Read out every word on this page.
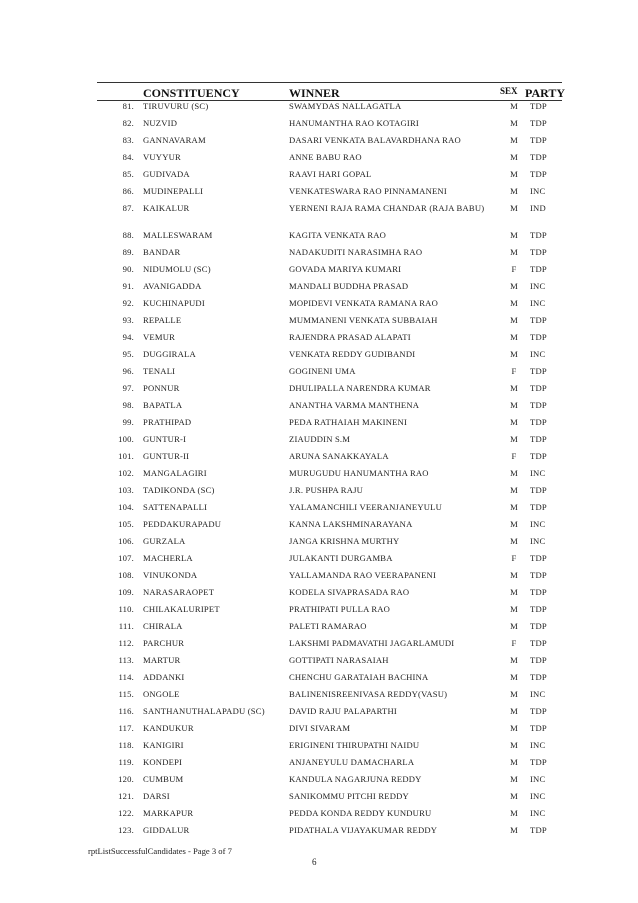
CONSTITUENCY	WINNER	SEX PARTY
81. TIRUVURU (SC)	SWAMYDAS NALLAGATLA	M	TDP
82. NUZVID	HANUMANTHA RAO KOTAGIRI	M	TDP
83. GANNAVARAM	DASARI VENKATA BALAVARDHANA RAO	M	TDP
84. VUYYUR	ANNE BABU RAO	M	TDP
85. GUDIVADA	RAAVI HARI GOPAL	M	TDP
86. MUDINEPALLI	VENKATESWARA RAO PINNAMANENI	M	INC
87. KAIKALUR	YERNENI RAJA RAMA CHANDAR (RAJA BABU)	M	IND
88. MALLESWARAM	KAGITA VENKATA RAO	M	TDP
89. BANDAR	NADAKUDITI NARASIMHA RAO	M	TDP
90. NIDUMOLU (SC)	GOVADA MARIYA KUMARI	F	TDP
91. AVANIGADDA	MANDALI BUDDHA PRASAD	M	INC
92. KUCHINAPUDI	MOPIDEVI VENKATA RAMANA RAO	M	INC
93. REPALLE	MUMMANENI VENKATA SUBBAIAH	M	TDP
94. VEMUR	RAJENDRA PRASAD ALAPATI	M	TDP
95. DUGGIRALA	VENKATA REDDY GUDIBANDI	M	INC
96. TENALI	GOGINENI UMA	F	TDP
97. PONNUR	DHULIPALLA NARENDRA KUMAR	M	TDP
98. BAPATLA	ANANTHA VARMA MANTHENA	M	TDP
99. PRATHIPAD	PEDA RATHAIAH MAKINENI	M	TDP
100. GUNTUR-I	ZIAUDDIN S.M	M	TDP
101. GUNTUR-II	ARUNA SANAKKAYALA	F	TDP
102. MANGALAGIRI	MURUGUDU HANUMANTHA RAO	M	INC
103. TADIKONDA (SC)	J.R. PUSHPA RAJU	M	TDP
104. SATTENAPALLI	YALAMANCHILI VEERANJANEYULU	M	TDP
105. PEDDAKURAPADU	KANNA LAKSHMINARAYANA	M	INC
106. GURZALA	JANGA KRISHNA MURTHY	M	INC
107. MACHERLA	JULAKANTI DURGAMBA	F	TDP
108. VINUKONDA	YALLAMANDA RAO VEERAPANENI	M	TDP
109. NARASARAOPET	KODELA SIVAPRASADA RAO	M	TDP
110. CHILAKALURIPET	PRATHIPATI PULLA RAO	M	TDP
111. CHIRALA	PALETI RAMARAO	M	TDP
112. PARCHUR	LAKSHMI PADMAVATHI JAGARLAMUDI	F	TDP
113. MARTUR	GOTTIPATI NARASAIAH	M	TDP
114. ADDANKI	CHENCHU GARATAIAH BACHINA	M	TDP
115. ONGOLE	BALINENISREENIVASA REDDY(VASU)	M	INC
116. SANTHANUTHALAPADU (SC)	DAVID RAJU PALAPARTHI	M	TDP
117. KANDUKUR	DIVI SIVARAM	M	TDP
118. KANIGIRI	ERIGINENI THIRUPATHI NAIDU	M	INC
119. KONDEPI	ANJANEYULU DAMACHARLA	M	TDP
120. CUMBUM	KANDULA NAGARJUNA REDDY	M	INC
121. DARSI	SANIKOMMU PITCHI REDDY	M	INC
122. MARKAPUR	PEDDA KONDA REDDY KUNDURU	M	INC
123. GIDDALUR	PIDATHALA VIJAYAKUMAR REDDY	M	TDP
rptListSuccessfulCandidates - Page 3 of 7
6
